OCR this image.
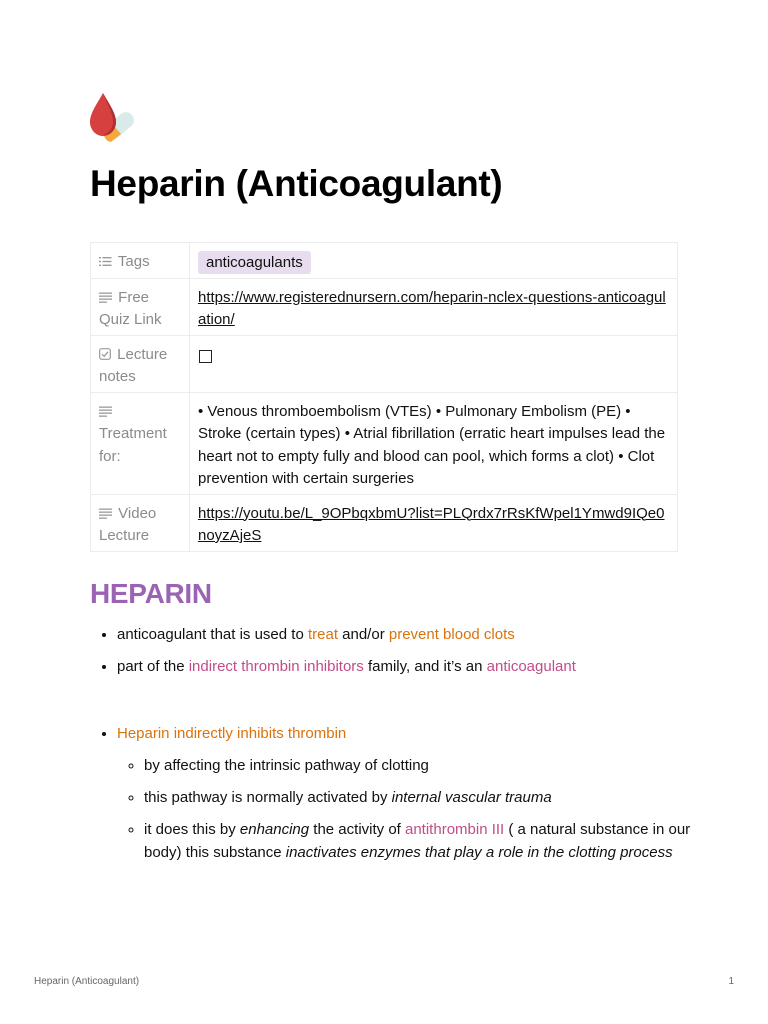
Heparin (Anticoagulant)
Tags	anticoagulants
Free Quiz Link	https://www.registerednursern.com/heparin-nclex-questions-anticoagulation/
Lecture notes	

Treatment for:	• Venous thromboembolism (VTEs) • Pulmonary Embolism (PE) • Stroke (certain types) • Atrial fibrillation (erratic heart impulses lead the heart not to empty fully and blood can pool, which forms a clot) • Clot prevention with certain surgeries
Video Lecture	https://youtu.be/L_9OPbqxbmU?list=PLQrdx7rRsKfWpel1Ymwd9IQe0noyzAjeS
HEPARIN
• anticoagulant that is used to treat and/or prevent blood clots
• part of the indirect thrombin inhibitors family, and it’s an anticoagulant
• Heparin indirectly inhibits thrombin
◦ by affecting the intrinsic pathway of clotting
◦ this pathway is normally activated by internal vascular trauma
◦ it does this by enhancing the activity of antithrombin III ( a natural substance in our body) this substance inactivates enzymes that play a role in the clotting process
Heparin (Anticoagulant)	1
